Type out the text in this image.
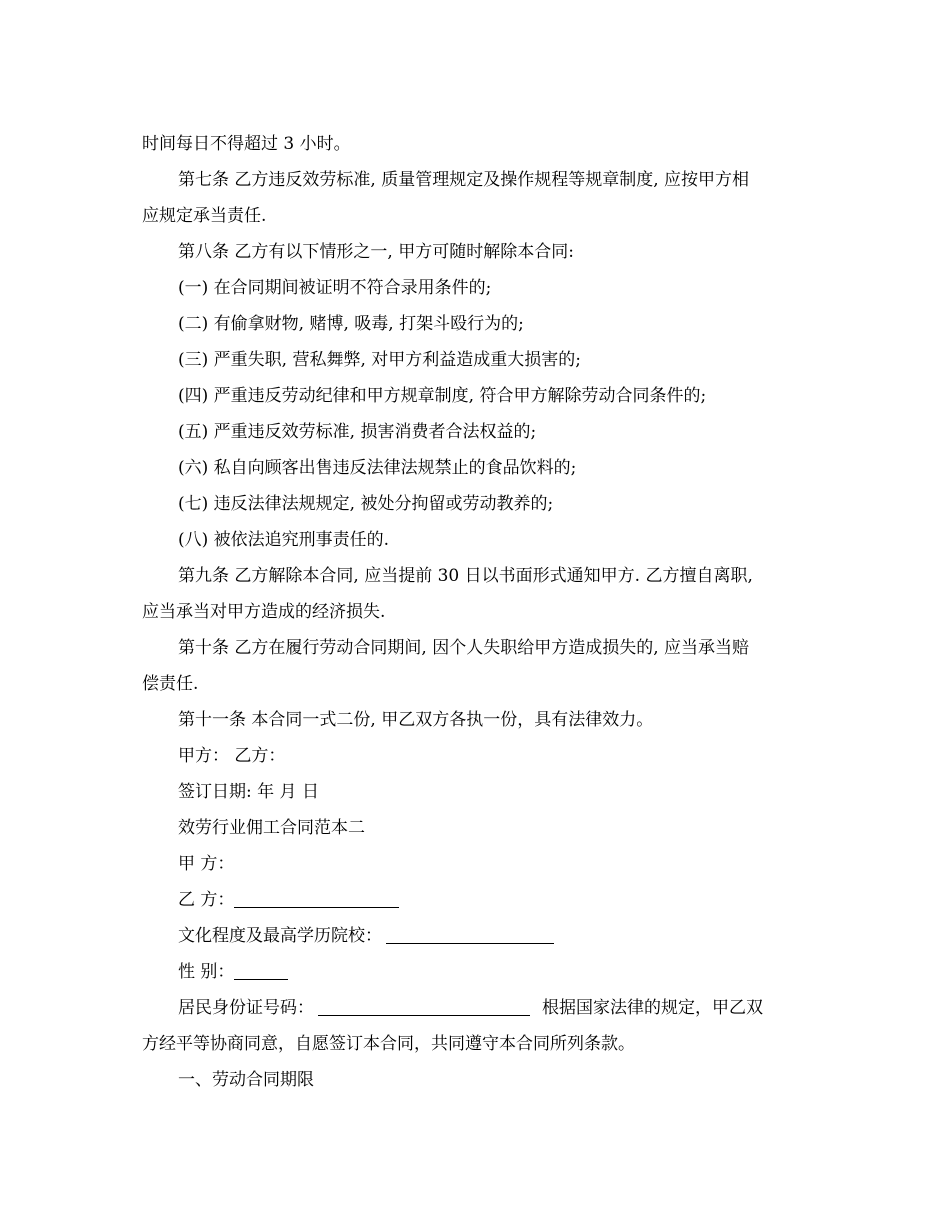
时间每日不得超过 3 小时。
第七条 乙方违反效劳标准, 质量管理规定及操作规程等规章制度, 应按甲方相
应规定承当责任.
第八条 乙方有以下情形之一, 甲方可随时解除本合同:
(一) 在合同期间被证明不符合录用条件的;
(二) 有偷拿财物, 赌博, 吸毒, 打架斗殴行为的;
(三) 严重失职, 营私舞弊, 对甲方利益造成重大损害的;
(四) 严重违反劳动纪律和甲方规章制度, 符合甲方解除劳动合同条件的;
(五) 严重违反效劳标准, 损害消费者合法权益的;
(六) 私自向顾客出售违反法律法规禁止的食品饮料的;
(七) 违反法律法规规定, 被处分拘留或劳动教养的;
(八) 被依法追究刑事责任的.
第九条 乙方解除本合同, 应当提前 30 日以书面形式通知甲方. 乙方擅自离职,
应当承当对甲方造成的经济损失.
第十条 乙方在履行劳动合同期间, 因个人失职给甲方造成损失的, 应当承当赔
偿责任.
第十一条 本合同一式二份, 甲乙双方各执一份，具有法律效力。
甲方： 乙方：
签订日期: 年 月 日
效劳行业佣工合同范本二
甲 方：
乙 方：
文化程度及最高学历院校：
性 别：
居民身份证号码：	根据国家法律的规定，甲乙双
方经平等协商同意，自愿签订本合同，共同遵守本合同所列条款。
一、劳动合同期限
